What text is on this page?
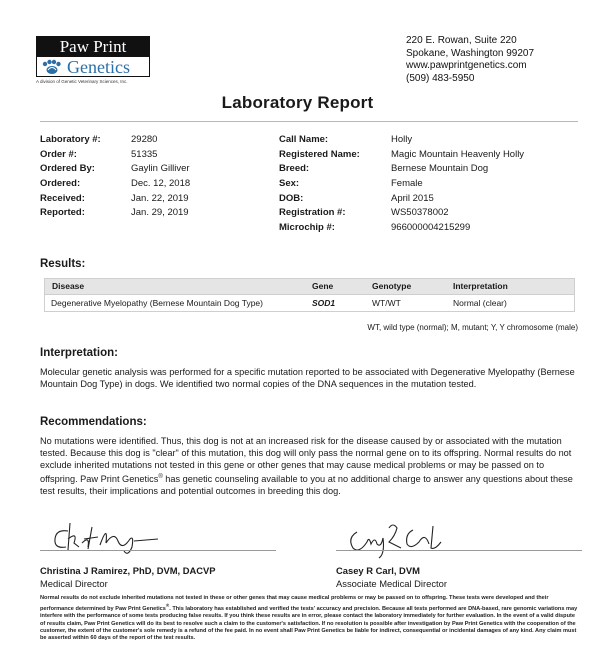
Paw Print
Genetics
A division of Genetic Veterinary Sciences, Inc.
220 E. Rowan, Suite 220
Spokane, Washington 99207
www.pawprintgenetics.com
(509) 483-5950
Laboratory Report
Laboratory #:	29280
Order #:	51335
Ordered By:	Gaylin Gilliver
Ordered:	Dec. 12, 2018
Received:	Jan. 22, 2019
Reported:	Jan. 29, 2019
Call Name:	Holly
Registered Name:	Magic Mountain Heavenly Holly
Breed:	Bernese Mountain Dog
Sex:	Female
DOB:	April 2015
Registration #:	WS50378002
Microchip #:	966000004215299
Results:
Disease	Gene	Genotype	Interpretation
Degenerative Myelopathy (Bernese Mountain Dog Type)	SOD1	WT/WT	Normal (clear)
WT, wild type (normal); M, mutant; Y, Y chromosome (male)
Interpretation:
Molecular genetic analysis was performed for a specific mutation reported to be associated with Degenerative Myelopathy (Bernese Mountain Dog Type) in dogs. We identified two normal copies of the DNA sequences in the mutation tested.
Recommendations:
No mutations were identified. Thus, this dog is not at an increased risk for the disease caused by or associated with the mutation tested. Because this dog is "clear" of this mutation, this dog will only pass the normal gene on to its offspring. Normal results do not exclude inherited mutations not tested in this gene or other genes that may cause medical problems or may be passed on to offspring. Paw Print Genetics® has genetic counseling available to you at no additional charge to answer any questions about these test results, their implications and potential outcomes in breeding this dog.
Christina J Ramirez, PhD, DVM, DACVP
Medical Director
Casey R Carl, DVM
Associate Medical Director
Normal results do not exclude inherited mutations not tested in these or other genes that may cause medical problems or may be passed on to offspring. These tests were developed and their performance determined by Paw Print Genetics®. This laboratory has established and verified the tests' accuracy and precision. Because all tests performed are DNA-based, rare genomic variations may interfere with the performance of some tests producing false results. If you think these results are in error, please contact the laboratory immediately for further evaluation. In the event of a valid dispute of results claim, Paw Print Genetics will do its best to resolve such a claim to the customer's satisfaction. If no resolution is possible after investigation by Paw Print Genetics with the cooperation of the customer, the extent of the customer's sole remedy is a refund of the fee paid. In no event shall Paw Print Genetics be liable for indirect, consequential or incidental damages of any kind. Any claim must be asserted within 60 days of the report of the test results.
